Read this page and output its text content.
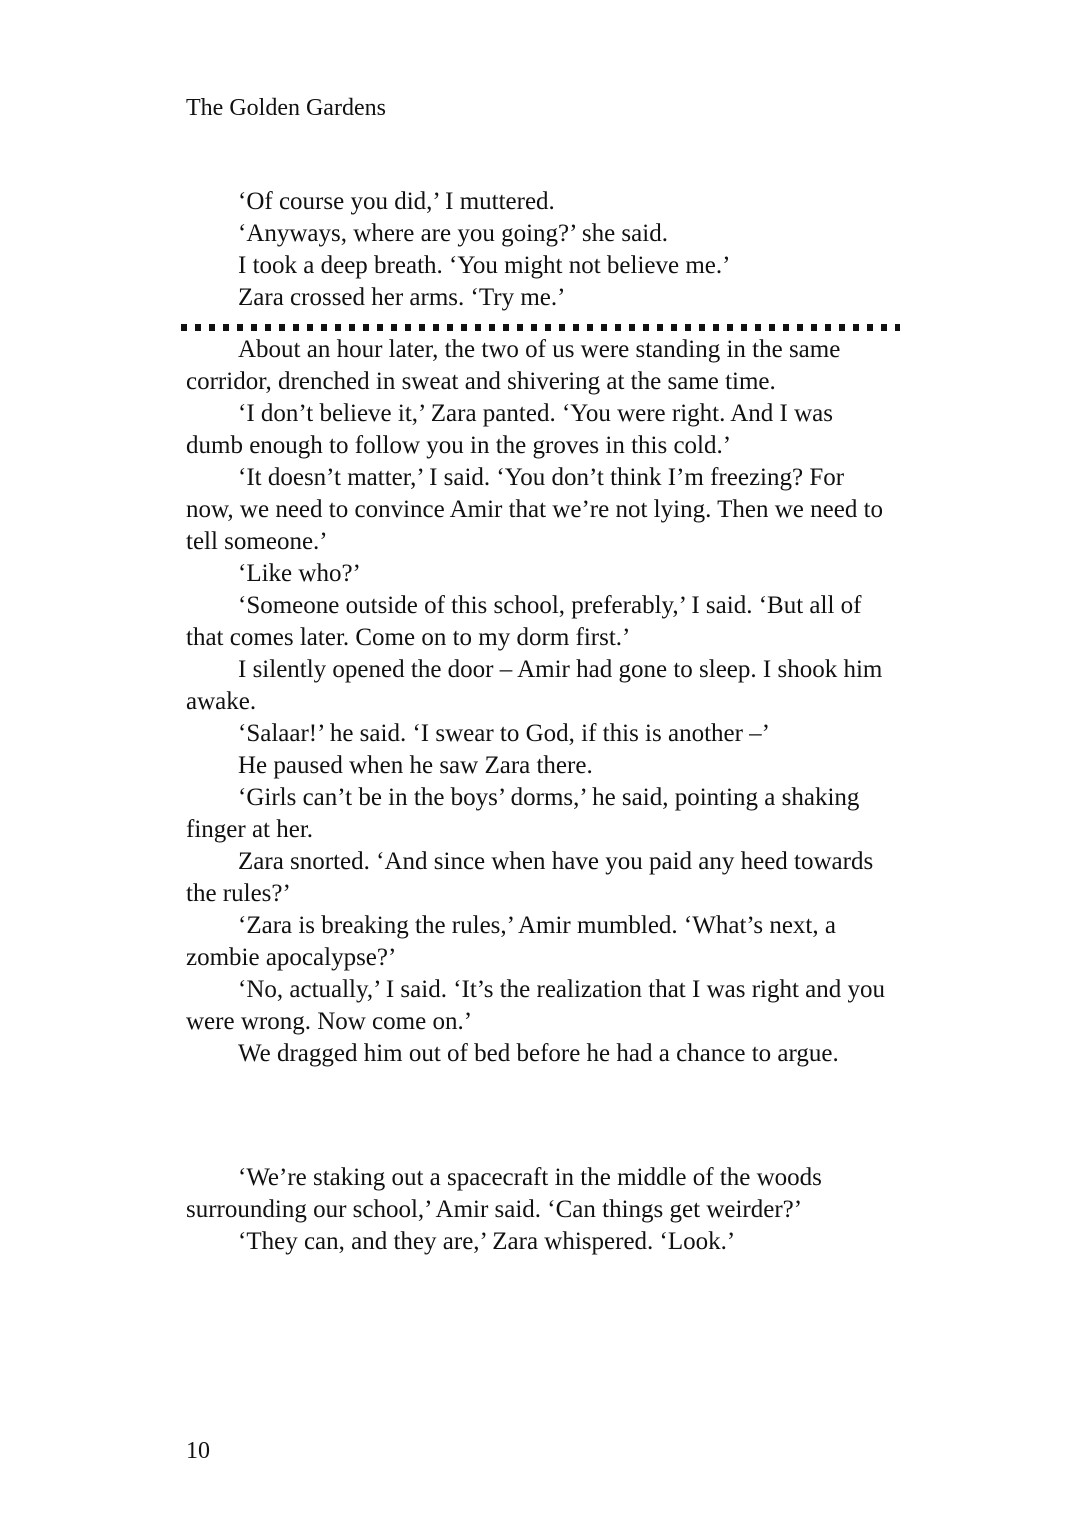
The Golden Gardens

‘Of course you did,’ I muttered.

‘Anyways, where are you going?’ she said.

I took a deep breath. ‘You might not believe me.’

Zara crossed her arms. ‘Try me.’

About an hour later, the two of us were standing in the same corridor, drenched in sweat and shivering at the same time.

‘I don’t believe it,’ Zara panted. ‘You were right. And I was dumb enough to follow you in the groves in this cold.’

‘It doesn’t matter,’ I said. ‘You don’t think I’m freezing? For now, we need to convince Amir that we’re not lying. Then we need to tell someone.’

‘Like who?’

‘Someone outside of this school, preferably,’ I said. ‘But all of that comes later. Come on to my dorm first.’

I silently opened the door – Amir had gone to sleep. I shook him awake.

‘Salaar!’ he said. ‘I swear to God, if this is another –’

He paused when he saw Zara there.

‘Girls can’t be in the boys’ dorms,’ he said, pointing a shaking finger at her.

Zara snorted. ‘And since when have you paid any heed towards the rules?’

‘Zara is breaking the rules,’ Amir mumbled. ‘What’s next, a zombie apocalypse?’

‘No, actually,’ I said. ‘It’s the realization that I was right and you were wrong. Now come on.’

We dragged him out of bed before he had a chance to argue.

‘We’re staking out a spacecraft in the middle of the woods surrounding our school,’ Amir said. ‘Can things get weirder?’

‘They can, and they are,’ Zara whispered. ‘Look.’

10
